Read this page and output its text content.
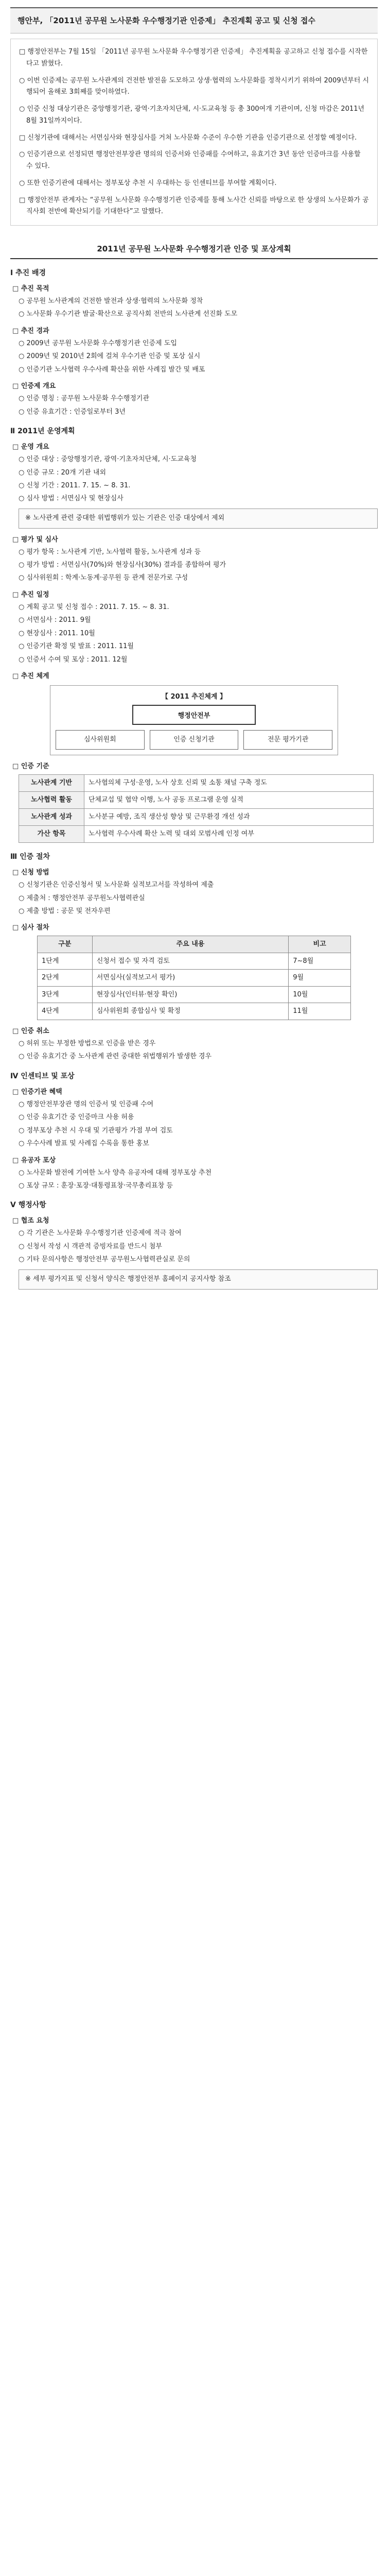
행안부, 「2011년 공무원 노사문화 우수행정기관 인증제」 추진계획 공고 및 신청 접수

□ 행정안전부는 7월 15일 「2011년 공무원 노사문화 우수행정기관 인증제」 추진계획을 공고하고 신청 접수를 시작한다고 밝혔다.

○ 이번 인증제는 공무원 노사관계의 건전한 발전을 도모하고 상생·협력의 노사문화를 정착시키기 위하여 2009년부터 시행되어 올해로 3회째를 맞이하였다.

○ 인증 신청 대상기관은 중앙행정기관, 광역·기초자치단체, 시·도교육청 등 총 300여개 기관이며, 신청 마감은 2011년 8월 31일까지이다.

□ 신청기관에 대해서는 서면심사와 현장심사를 거쳐 노사문화 수준이 우수한 기관을 인증기관으로 선정할 예정이다.

○ 인증기관으로 선정되면 행정안전부장관 명의의 인증서와 인증패를 수여하고, 유효기간 3년 동안 인증마크를 사용할 수 있다.

○ 또한 인증기관에 대해서는 정부포상 추천 시 우대하는 등 인센티브를 부여할 계획이다.

□ 행정안전부 관계자는 “공무원 노사문화 우수행정기관 인증제를 통해 노사간 신뢰를 바탕으로 한 상생의 노사문화가 공직사회 전반에 확산되기를 기대한다”고 말했다.

2011년 공무원 노사문화 우수행정기관 인증 및 포상계획
Ⅰ 추진 배경
□ 추진 목적
○ 공무원 노사관계의 건전한 발전과 상생·협력의 노사문화 정착
○ 노사문화 우수기관 발굴·확산으로 공직사회 전반의 노사관계 선진화 도모
□ 추진 경과
○ 2009년 공무원 노사문화 우수행정기관 인증제 도입
○ 2009년 및 2010년 2회에 걸쳐 우수기관 인증 및 포상 실시
○ 인증기관 노사협력 우수사례 확산을 위한 사례집 발간 및 배포
□ 인증제 개요
○ 인증 명칭 : 공무원 노사문화 우수행정기관
○ 인증 유효기간 : 인증일로부터 3년
Ⅱ 2011년 운영계획
□ 운영 개요
○ 인증 대상 : 중앙행정기관, 광역·기초자치단체, 시·도교육청
○ 인증 규모 : 20개 기관 내외
○ 신청 기간 : 2011. 7. 15. ~ 8. 31.
○ 심사 방법 : 서면심사 및 현장심사
※ 노사관계 관련 중대한 위법행위가 있는 기관은 인증 대상에서 제외
□ 평가 및 심사
○ 평가 항목 : 노사관계 기반, 노사협력 활동, 노사관계 성과 등
○ 평가 방법 : 서면심사(70%)와 현장심사(30%) 결과를 종합하여 평가
○ 심사위원회 : 학계·노동계·공무원 등 관계 전문가로 구성
□ 추진 일정
○ 계획 공고 및 신청 접수 : 2011. 7. 15. ~ 8. 31.
○ 서면심사 : 2011. 9월
○ 현장심사 : 2011. 10월
○ 인증기관 확정 및 발표 : 2011. 11월
○ 인증서 수여 및 포상 : 2011. 12월
□ 추진 체계
【 2011 추진체계 】
행정안전부
심사위원회	인증 신청기관	전문 평가기관
□ 인증 기준
노사관계 기반	노사협의체 구성·운영, 노사 상호 신뢰 및 소통 채널 구축 정도
노사협력 활동	단체교섭 및 협약 이행, 노사 공동 프로그램 운영 실적
노사관계 성과	노사분규 예방, 조직 생산성 향상 및 근무환경 개선 성과
가산 항목	노사협력 우수사례 확산 노력 및 대외 모범사례 인정 여부
Ⅲ 인증 절차
□ 신청 방법
○ 신청기관은 인증신청서 및 노사문화 실적보고서를 작성하여 제출
○ 제출처 : 행정안전부 공무원노사협력관실
○ 제출 방법 : 공문 및 전자우편
□ 심사 절차
구분	주요 내용	비고
1단계	신청서 접수 및 자격 검토	7~8월
2단계	서면심사(실적보고서 평가)	9월
3단계	현장심사(인터뷰·현장 확인)	10월
4단계	심사위원회 종합심사 및 확정	11월
□ 인증 취소
○ 허위 또는 부정한 방법으로 인증을 받은 경우
○ 인증 유효기간 중 노사관계 관련 중대한 위법행위가 발생한 경우
Ⅳ 인센티브 및 포상
□ 인증기관 혜택
○ 행정안전부장관 명의 인증서 및 인증패 수여
○ 인증 유효기간 중 인증마크 사용 허용
○ 정부포상 추천 시 우대 및 기관평가 가점 부여 검토
○ 우수사례 발표 및 사례집 수록을 통한 홍보
□ 유공자 포상
○ 노사문화 발전에 기여한 노사 양측 유공자에 대해 정부포상 추천
○ 포상 규모 : 훈장·포장·대통령표창·국무총리표창 등
Ⅴ 행정사항
□ 협조 요청
○ 각 기관은 노사문화 우수행정기관 인증제에 적극 참여
○ 신청서 작성 시 객관적 증빙자료를 반드시 첨부
○ 기타 문의사항은 행정안전부 공무원노사협력관실로 문의
※ 세부 평가지표 및 신청서 양식은 행정안전부 홈페이지 공지사항 참조
